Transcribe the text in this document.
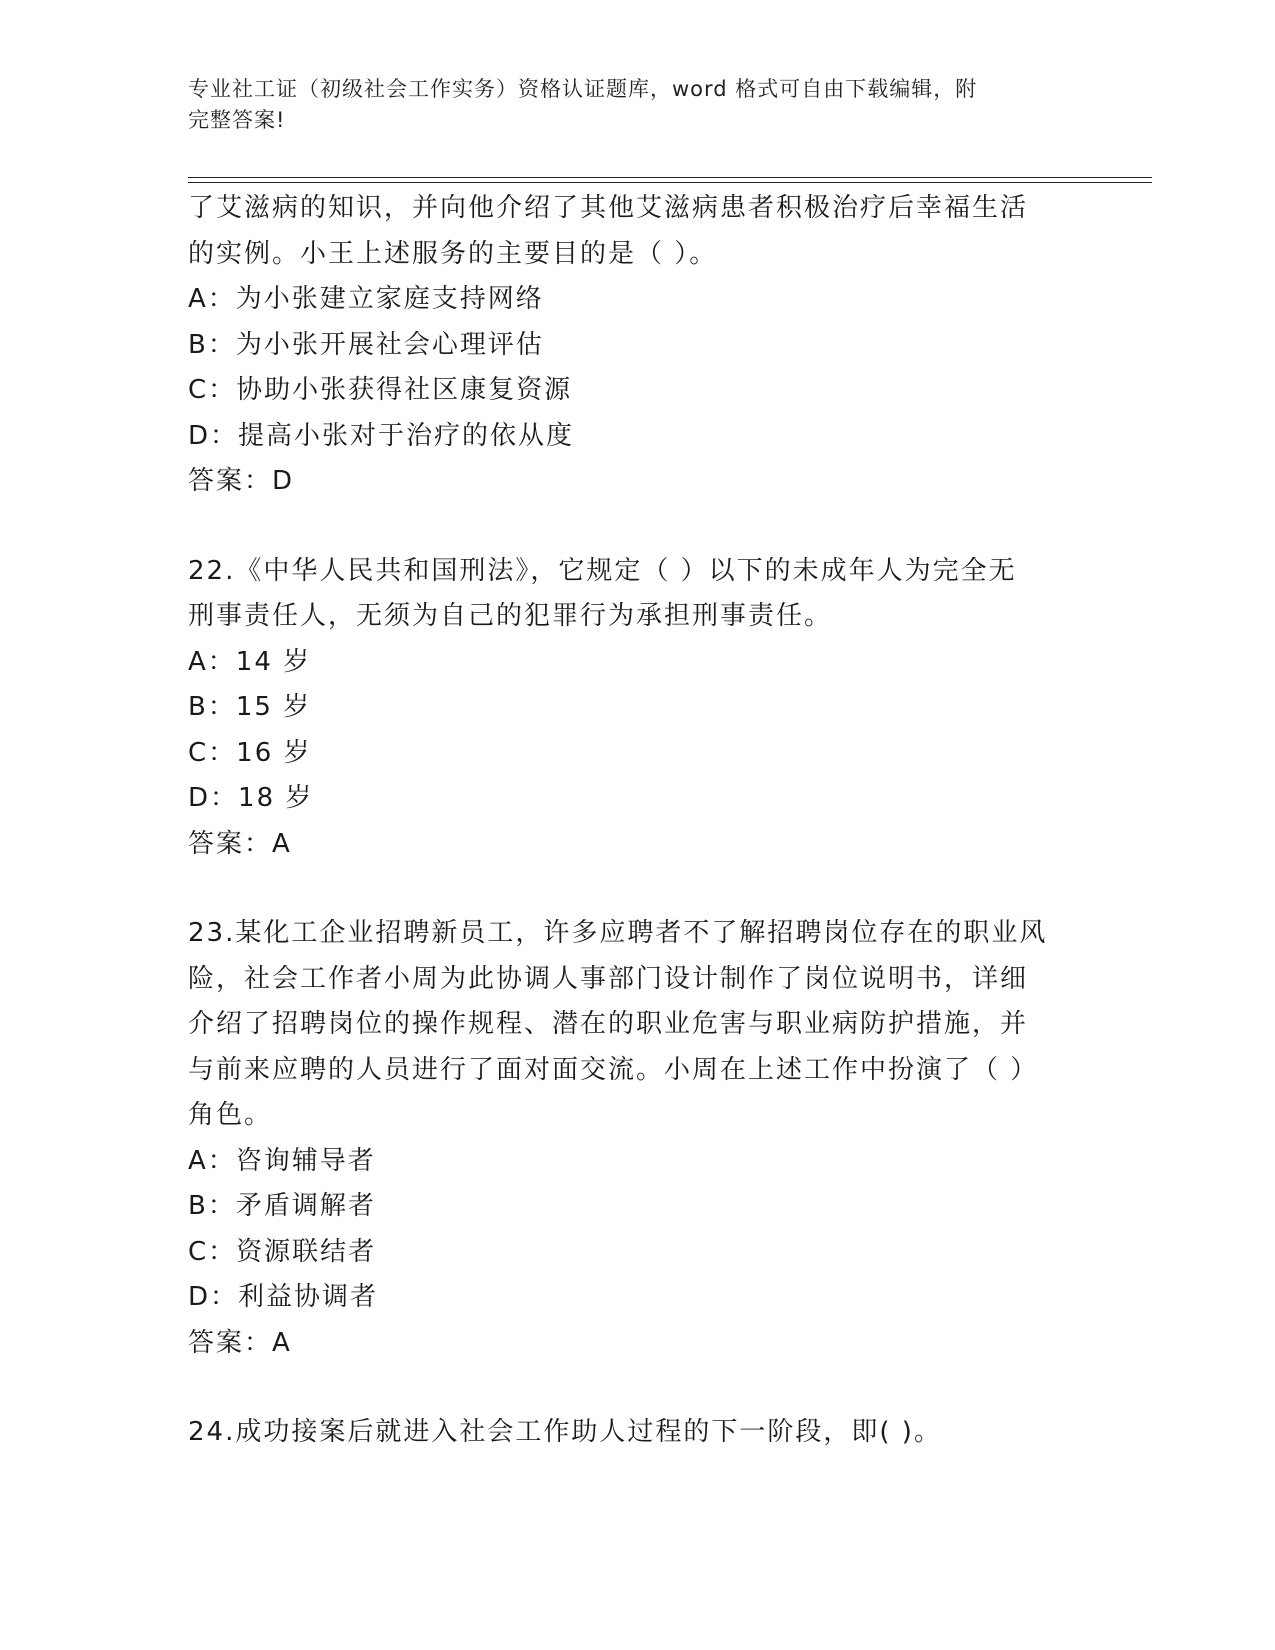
专业社工证（初级社会工作实务）资格认证题库，word 格式可自由下载编辑，附
完整答案!
了艾滋病的知识，并向他介绍了其他艾滋病患者积极治疗后幸福生活
的实例。小王上述服务的主要目的是（ ）。
A：为小张建立家庭支持网络
B：为小张开展社会心理评估
C：协助小张获得社区康复资源
D：提高小张对于治疗的依从度
答案：D
22.《中华人民共和国刑法》，它规定（ ）以下的未成年人为完全无
刑事责任人，无须为自己的犯罪行为承担刑事责任。
A：14 岁
B：15 岁
C：16 岁
D：18 岁
答案：A
23.某化工企业招聘新员工，许多应聘者不了解招聘岗位存在的职业风
险，社会工作者小周为此协调人事部门设计制作了岗位说明书，详细
介绍了招聘岗位的操作规程、潜在的职业危害与职业病防护措施，并
与前来应聘的人员进行了面对面交流。小周在上述工作中扮演了（ ）
角色。
A：咨询辅导者
B：矛盾调解者
C：资源联结者
D：利益协调者
答案：A
24.成功接案后就进入社会工作助人过程的下一阶段，即( )。
